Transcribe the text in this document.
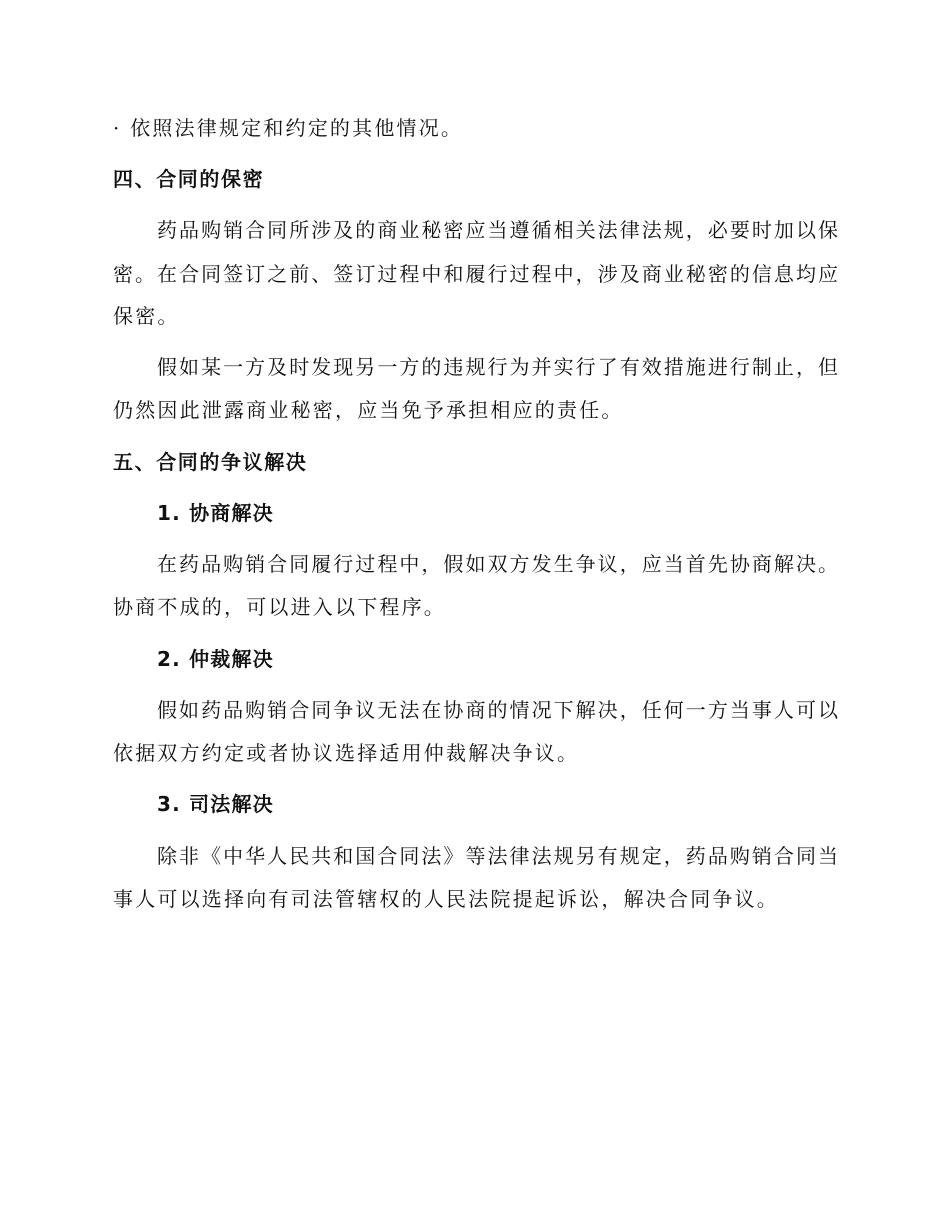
· 依照法律规定和约定的其他情况。
四、合同的保密
药品购销合同所涉及的商业秘密应当遵循相关法律法规，必要时加以保
密。在合同签订之前、签订过程中和履行过程中，涉及商业秘密的信息均应
保密。
假如某一方及时发现另一方的违规行为并实行了有效措施进行制止，但
仍然因此泄露商业秘密，应当免予承担相应的责任。
五、合同的争议解决
1. 协商解决
在药品购销合同履行过程中，假如双方发生争议，应当首先协商解决。
协商不成的，可以进入以下程序。
2. 仲裁解决
假如药品购销合同争议无法在协商的情况下解决，任何一方当事人可以
依据双方约定或者协议选择适用仲裁解决争议。
3. 司法解决
除非《中华人民共和国合同法》等法律法规另有规定，药品购销合同当
事人可以选择向有司法管辖权的人民法院提起诉讼，解决合同争议。
